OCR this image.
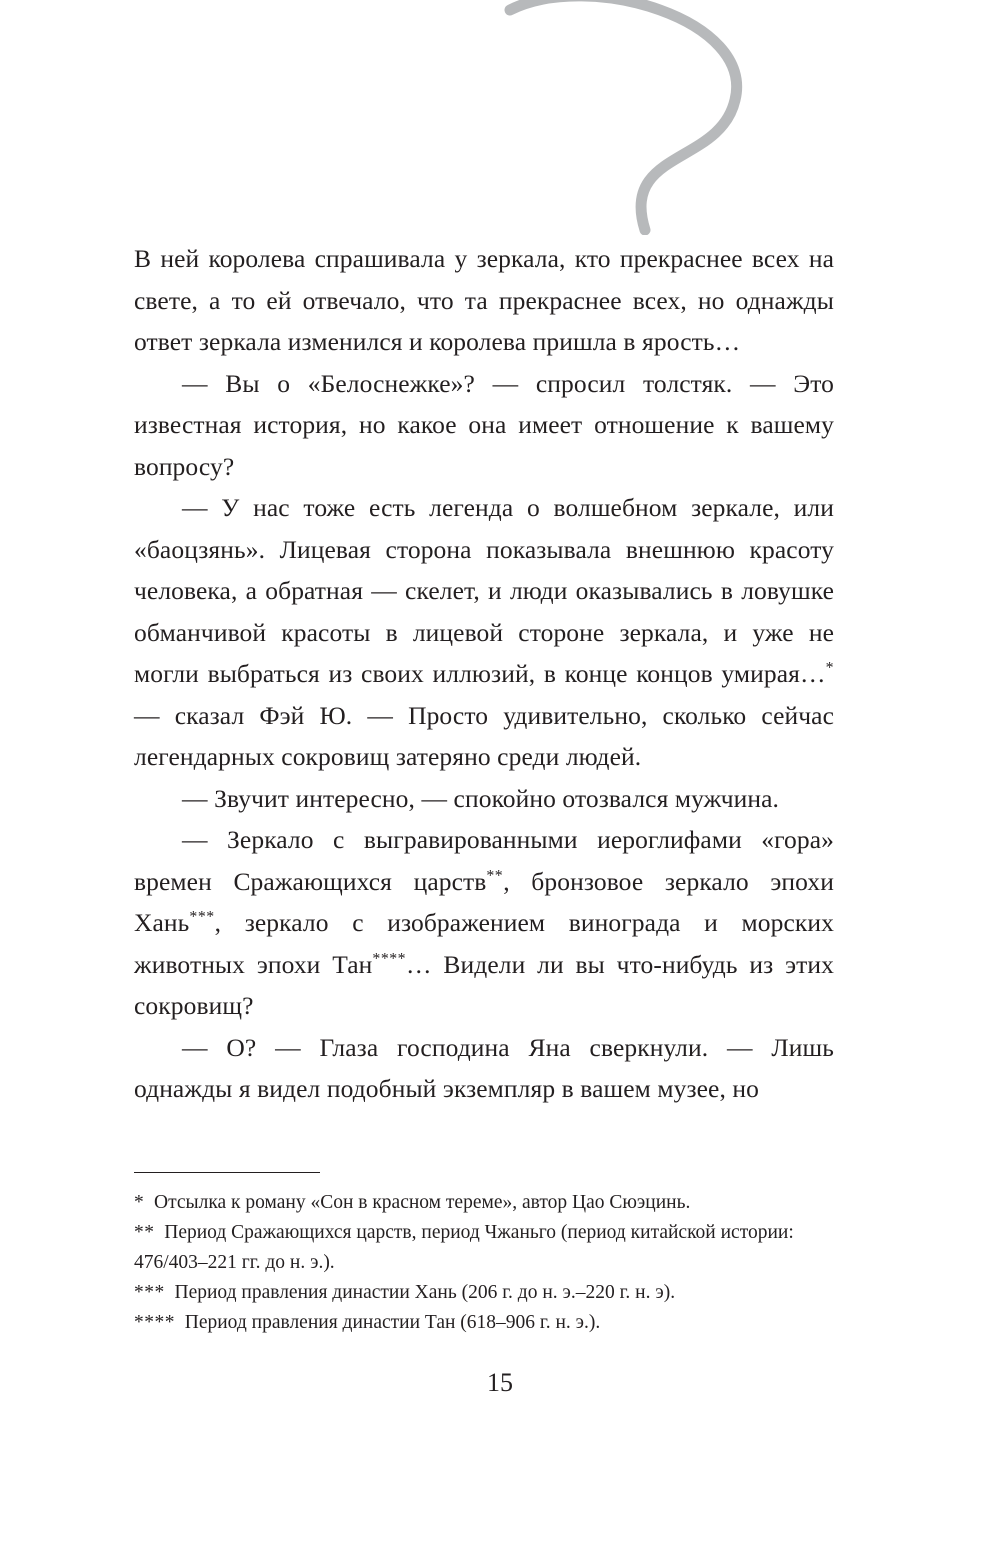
В ней королева спрашивала у зеркала, кто прекраснее всех на свете, а то ей отвечало, что та прекраснее всех, но однажды ответ зеркала изменился и королева пришла в ярость…

— Вы о «Белоснежке»? — спросил толстяк. — Это известная история, но какое она имеет отношение к вашему вопросу?

— У нас тоже есть легенда о волшебном зеркале, или «баоцзянь». Лицевая сторона показывала внешнюю красоту человека, а обратная — скелет, и люди оказывались в ловушке обманчивой красоты в лицевой стороне зеркала, и уже не могли выбраться из своих иллюзий, в конце концов умирая…* — сказал Фэй Ю. — Просто удивительно, сколько сейчас легендарных сокровищ затеряно среди людей.

— Звучит интересно, — спокойно отозвался мужчина.

— Зеркало с выгравированными иероглифами «гора» времен Сражающихся царств**, бронзовое зеркало эпохи Хань***, зеркало с изображением винограда и морских животных эпохи Тан****… Видели ли вы что-нибудь из этих сокровищ?

— О? — Глаза господина Яна сверкнули. — Лишь однажды я видел подобный экземпляр в вашем музее, но

* Отсылка к роману «Сон в красном тереме», автор Цао Сюэцинь.

** Период Сражающихся царств, период Чжаньго (период китайской истории: 476/403–221 гг. до н. э.).

*** Период правления династии Хань (206 г. до н. э.–220 г. н. э).

**** Период правления династии Тан (618–906 г. н. э.).

15
